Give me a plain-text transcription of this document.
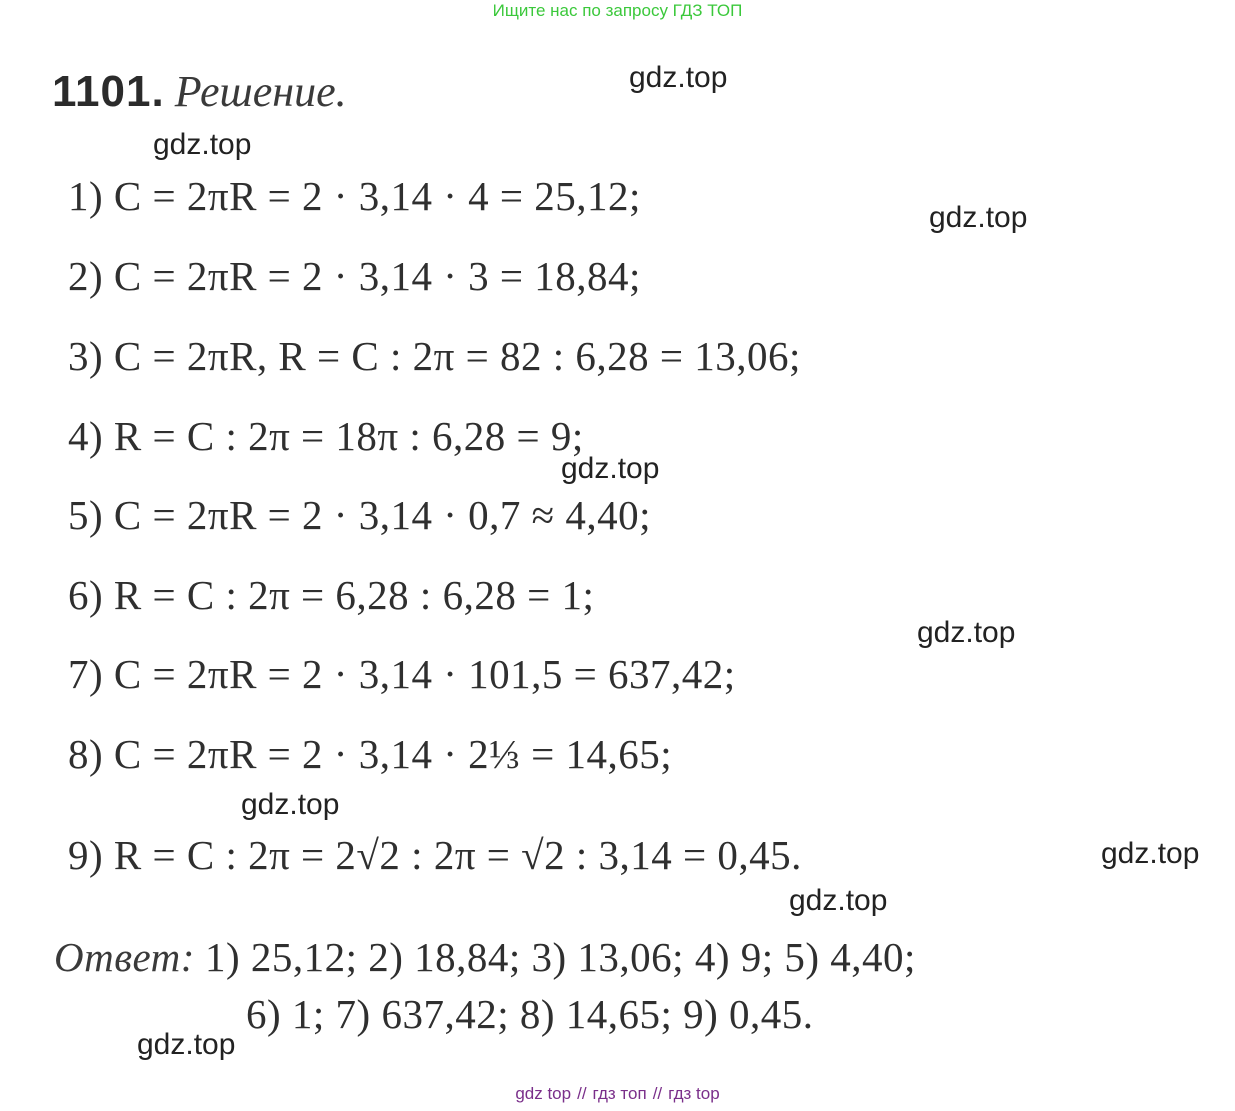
Ищите нас по запросу ГДЗ ТОП
1101. Решение.
1) C = 2πR = 2 · 3,14 · 4 = 25,12;
2) C = 2πR = 2 · 3,14 · 3 = 18,84;
3) C = 2πR, R = C : 2π = 82 : 6,28 = 13,06;
4) R = C : 2π = 18π : 6,28 = 9;
5) C = 2πR = 2 · 3,14 · 0,7 ≈ 4,40;
6) R = C : 2π = 6,28 : 6,28 = 1;
7) C = 2πR = 2 · 3,14 · 101,5 = 637,42;
8) C = 2πR = 2 · 3,14 · 2⅓ = 14,65;
9) R = C : 2π = 2√2 : 2π = √2 : 3,14 = 0,45.
Ответ: 1) 25,12; 2) 18,84; 3) 13,06; 4) 9; 5) 4,40;
6) 1; 7) 637,42; 8) 14,65; 9) 0,45.
gdz.top
gdz.top
gdz.top
gdz.top
gdz.top
gdz.top
gdz.top
gdz.top
gdz.top
gdz top // гдз топ // гдз top
